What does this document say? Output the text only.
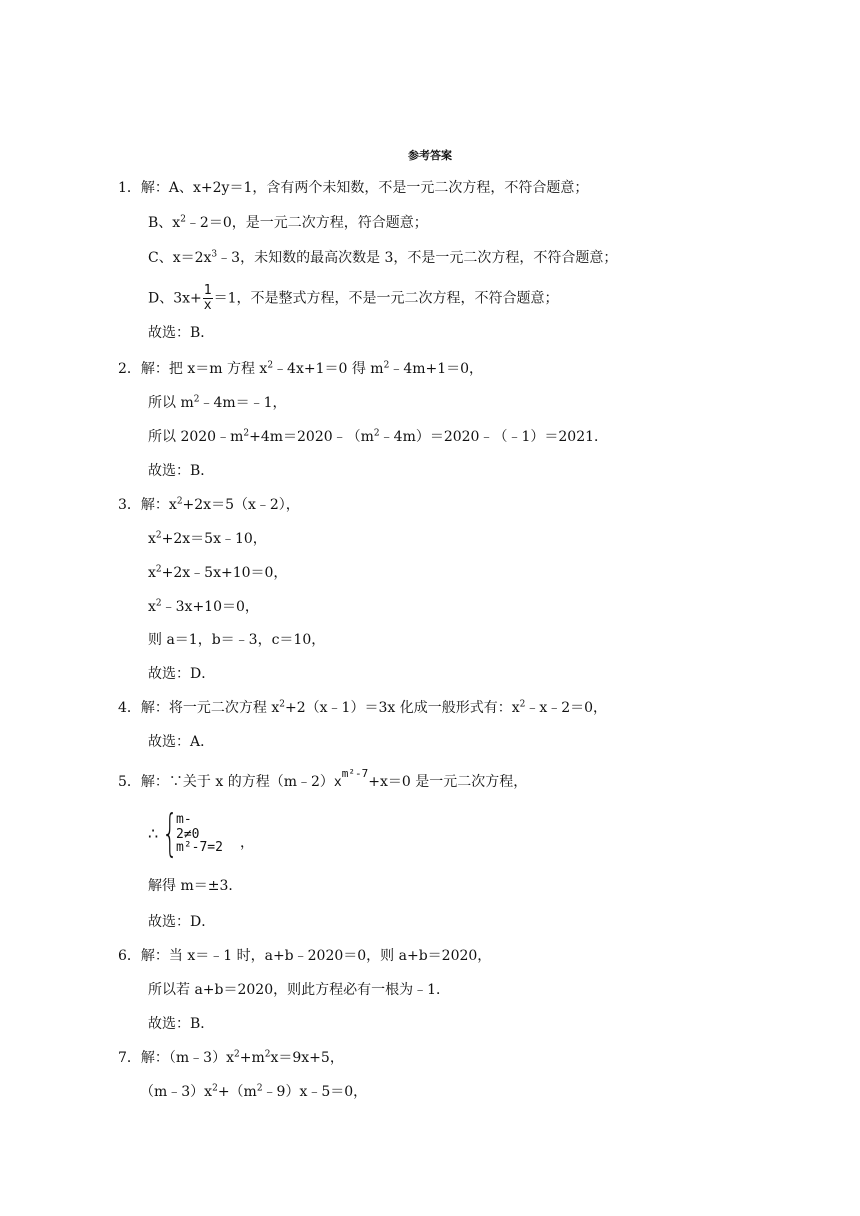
参考答案
1．解：A、x+2y＝1，含有两个未知数，不是一元二次方程，不符合题意；
B、$x^2﹣2=0$，是一元二次方程，符合题意；
C、$x=2x^3﹣3$，未知数的最高次数是 3，不是一元二次方程，不符合题意；
D、$3x+ \frac{1}{x} =1$，不是整式方程，不是一元二次方程，不符合题意；
故选：B．
2．解：把 x＝m 方程 $x^2﹣4x+1=0$ 得 $m^2﹣4m+1=0$，
所以 $m^2﹣4m=﹣1$，
所以 $2020﹣m^2+4m=2020﹣(m^2﹣4m)=2020﹣(﹣1)=2021$．
故选：B．
3．解：$x^2+2x=5(x﹣2)$，
$x^2+2x=5x﹣10$，
$x^2+2x﹣5x+10=0$，
$x^2﹣3x+10=0$，
则 a＝1，b＝﹣3，c＝10，
故选：D．
4．解：将一元二次方程 $x^2+2(x﹣1)=3x$ 化成一般形式有：$x^2﹣x﹣2=0$，
故选：A．
5．解：∵关于 x 的方程$(m﹣2)x^{m^2-7}+x=0$ 是一元二次方程，
∴ {
m-2≠0
m²-7=2 ，
解得 m＝±3．
故选：D．
6．解：当 x＝﹣1 时，a+b﹣2020＝0，则 a+b＝2020，
所以若 a+b＝2020，则此方程必有一根为﹣1．
故选：B．
7．解：$(m﹣3)x^2+m^2x=9x+5$，
$(m﹣3)x^2+(m^2﹣9)x﹣5=0$，
